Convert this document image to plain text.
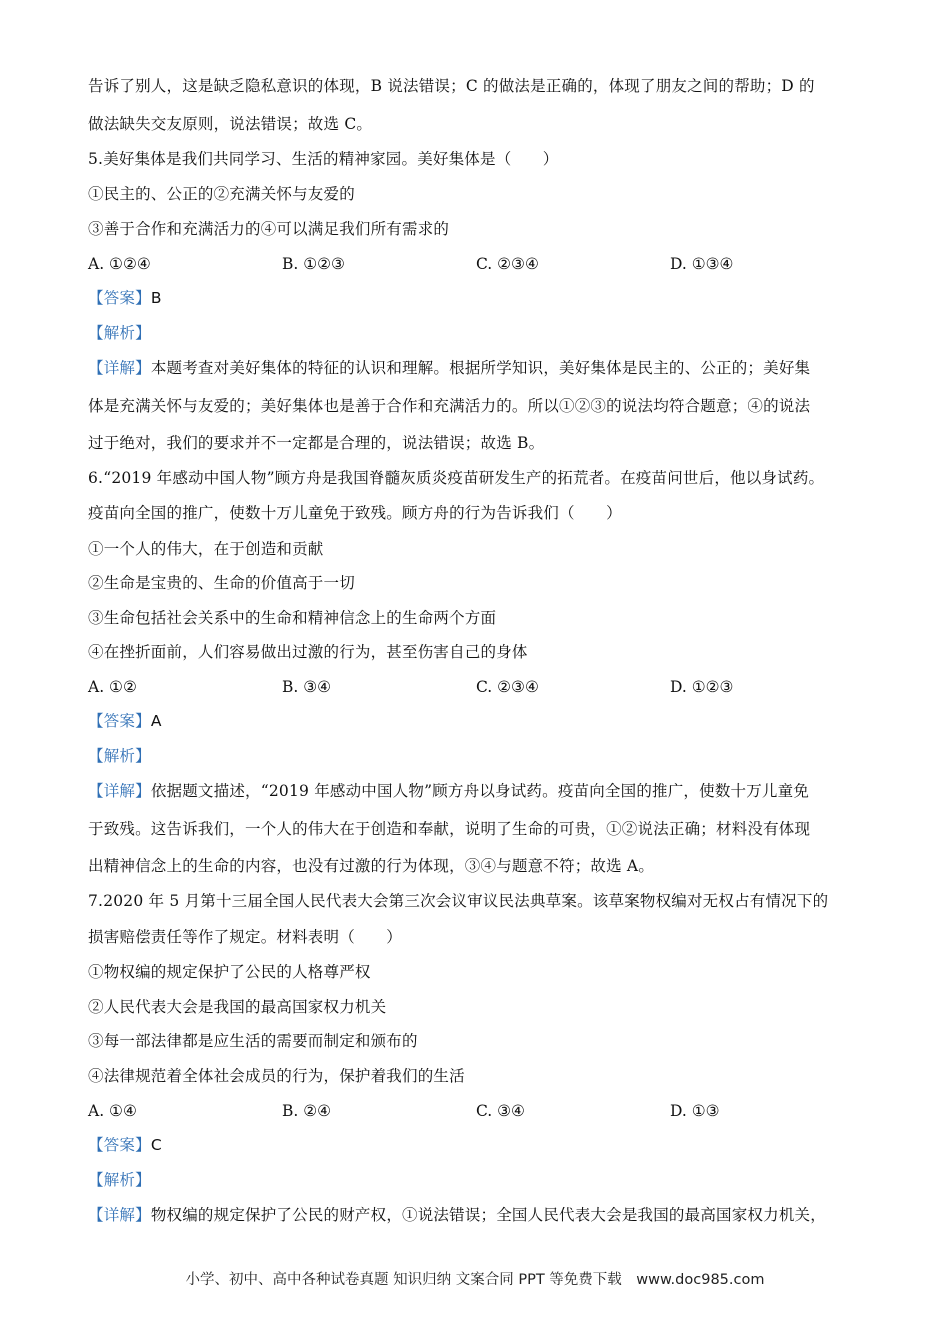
告诉了别人，这是缺乏隐私意识的体现，B 说法错误；C 的做法是正确的，体现了朋友之间的帮助；D 的
做法缺失交友原则，说法错误；故选 C。
5.美好集体是我们共同学习、生活的精神家园。美好集体是（　　）
①民主的、公正的②充满关怀与友爱的
③善于合作和充满活力的④可以满足我们所有需求的
A. ①②④	B. ①②③	C. ②③④	D. ①③④
【答案】B
【解析】
【详解】本题考查对美好集体的特征的认识和理解。根据所学知识，美好集体是民主的、公正的；美好集
体是充满关怀与友爱的；美好集体也是善于合作和充满活力的。所以①②③的说法均符合题意；④的说法
过于绝对，我们的要求并不一定都是合理的，说法错误；故选 B。
6.“2019 年感动中国人物”顾方舟是我国脊髓灰质炎疫苗研发生产的拓荒者。在疫苗问世后，他以身试药。
疫苗向全国的推广，使数十万儿童免于致残。顾方舟的行为告诉我们（　　）
①一个人的伟大，在于创造和贡献
②生命是宝贵的、生命的价值高于一切
③生命包括社会关系中的生命和精神信念上的生命两个方面
④在挫折面前，人们容易做出过激的行为，甚至伤害自己的身体
A. ①②	B. ③④	C. ②③④	D. ①②③
【答案】A
【解析】
【详解】依据题文描述，“2019 年感动中国人物”顾方舟以身试药。疫苗向全国的推广，使数十万儿童免
于致残。这告诉我们，一个人的伟大在于创造和奉献，说明了生命的可贵，①②说法正确；材料没有体现
出精神信念上的生命的内容，也没有过激的行为体现，③④与题意不符；故选 A。
7.2020 年 5 月第十三届全国人民代表大会第三次会议审议民法典草案。该草案物权编对无权占有情况下的
损害赔偿责任等作了规定。材料表明（　　）
①物权编的规定保护了公民的人格尊严权
②人民代表大会是我国的最高国家权力机关
③每一部法律都是应生活的需要而制定和颁布的
④法律规范着全体社会成员的行为，保护着我们的生活
A. ①④	B. ②④	C. ③④	D. ①③
【答案】C
【解析】
【详解】物权编的规定保护了公民的财产权，①说法错误；全国人民代表大会是我国的最高国家权力机关，
小学、初中、高中各种试卷真题 知识归纳 文案合同 PPT 等免费下载　www.doc985.com
